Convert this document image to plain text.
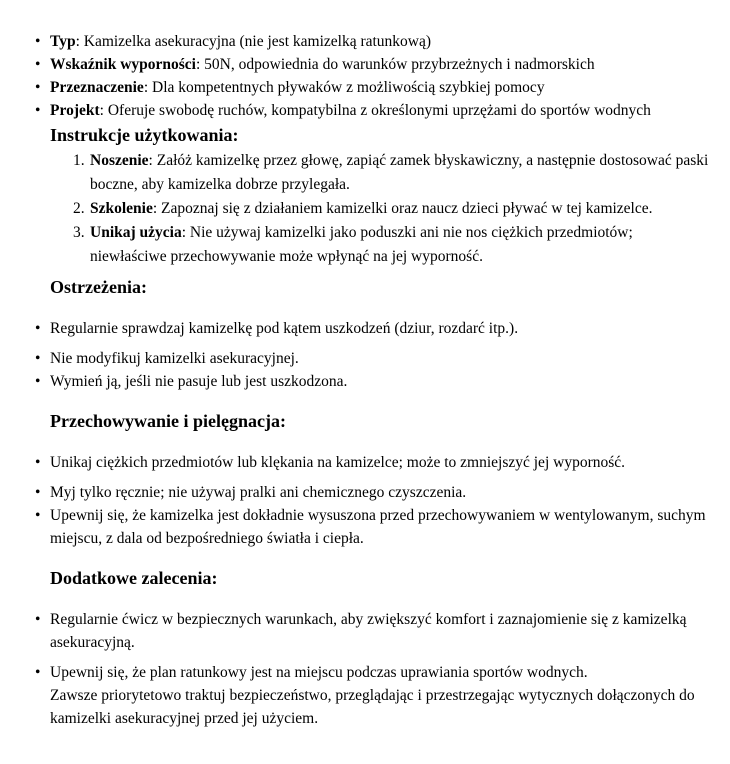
• Typ: Kamizelka asekuracyjna (nie jest kamizelką ratunkową)
• Wskaźnik wyporności: 50N, odpowiednia do warunków przybrzeżnych i nadmorskich
• Przeznaczenie: Dla kompetentnych pływaków z możliwością szybkiej pomocy
• Projekt: Oferuje swobodę ruchów, kompatybilna z określonymi uprzężami do sportów wodnych
Instrukcje użytkowania:
1. Noszenie: Załóż kamizelkę przez głowę, zapiąć zamek błyskawiczny, a następnie dostosować paski boczne, aby kamizelka dobrze przylegała.
2. Szkolenie: Zapoznaj się z działaniem kamizelki oraz naucz dzieci pływać w tej kamizelce.
3. Unikaj użycia: Nie używaj kamizelki jako poduszki ani nie nos ciężkich przedmiotów; niewłaściwe przechowywanie może wpłynąć na jej wyporność.
Ostrzeżenia:
• Regularnie sprawdzaj kamizelkę pod kątem uszkodzeń (dziur, rozdarć itp.).
• Nie modyfikuj kamizelki asekuracyjnej.
• Wymień ją, jeśli nie pasuje lub jest uszkodzona.
Przechowywanie i pielęgnacja:
• Unikaj ciężkich przedmiotów lub klękania na kamizelce; może to zmniejszyć jej wyporność.
• Myj tylko ręcznie; nie używaj pralki ani chemicznego czyszczenia.
• Upewnij się, że kamizelka jest dokładnie wysuszona przed przechowywaniem w wentylowanym, suchym miejscu, z dala od bezpośredniego światła i ciepła.
Dodatkowe zalecenia:
• Regularnie ćwicz w bezpiecznych warunkach, aby zwiększyć komfort i zaznajomienie się z kamizelką asekuracyjną.
• Upewnij się, że plan ratunkowy jest na miejscu podczas uprawiania sportów wodnych.
Zawsze priorytetowo traktuj bezpieczeństwo, przeglądając i przestrzegając wytycznych dołączonych do kamizelki asekuracyjnej przed jej użyciem.
